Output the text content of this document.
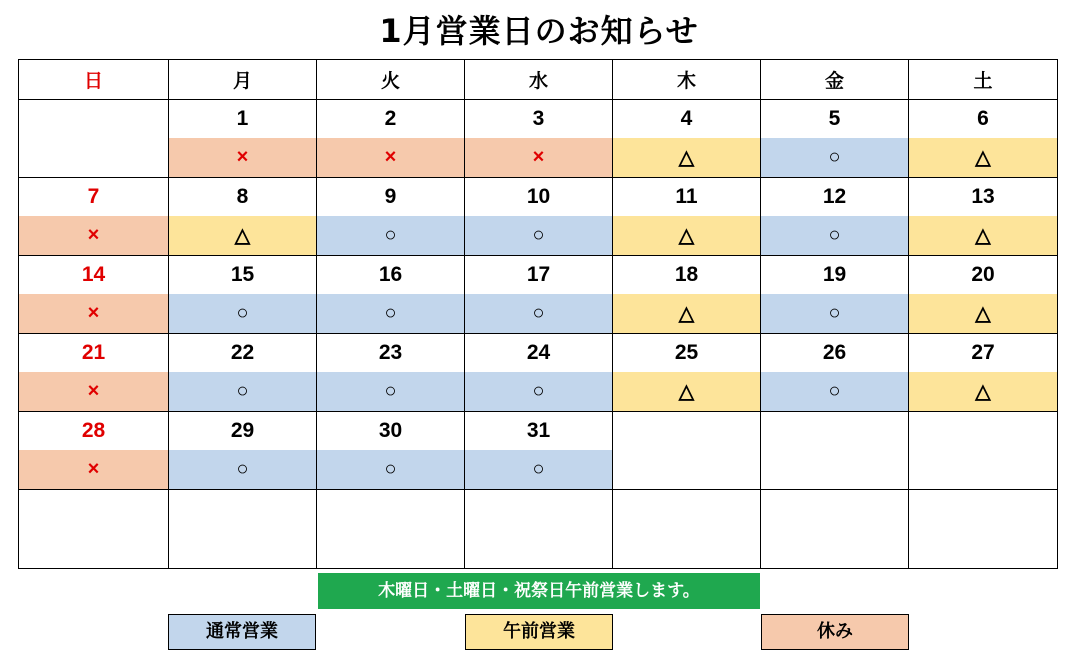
1月営業日のお知らせ
日	月	火	水	木	金	土
	1	2	3	4	5	6
	×	×	×	△	○	△
7	8	9	10	11	12	13
×	△	○	○	△	○	△
14	15	16	17	18	19	20
×	○	○	○	△	○	△
21	22	23	24	25	26	27
×	○	○	○	△	○	△
28	29	30	31			
×	○	○	○			

木曜日・土曜日・祝祭日午前営業します。
通常営業	午前営業	休み
